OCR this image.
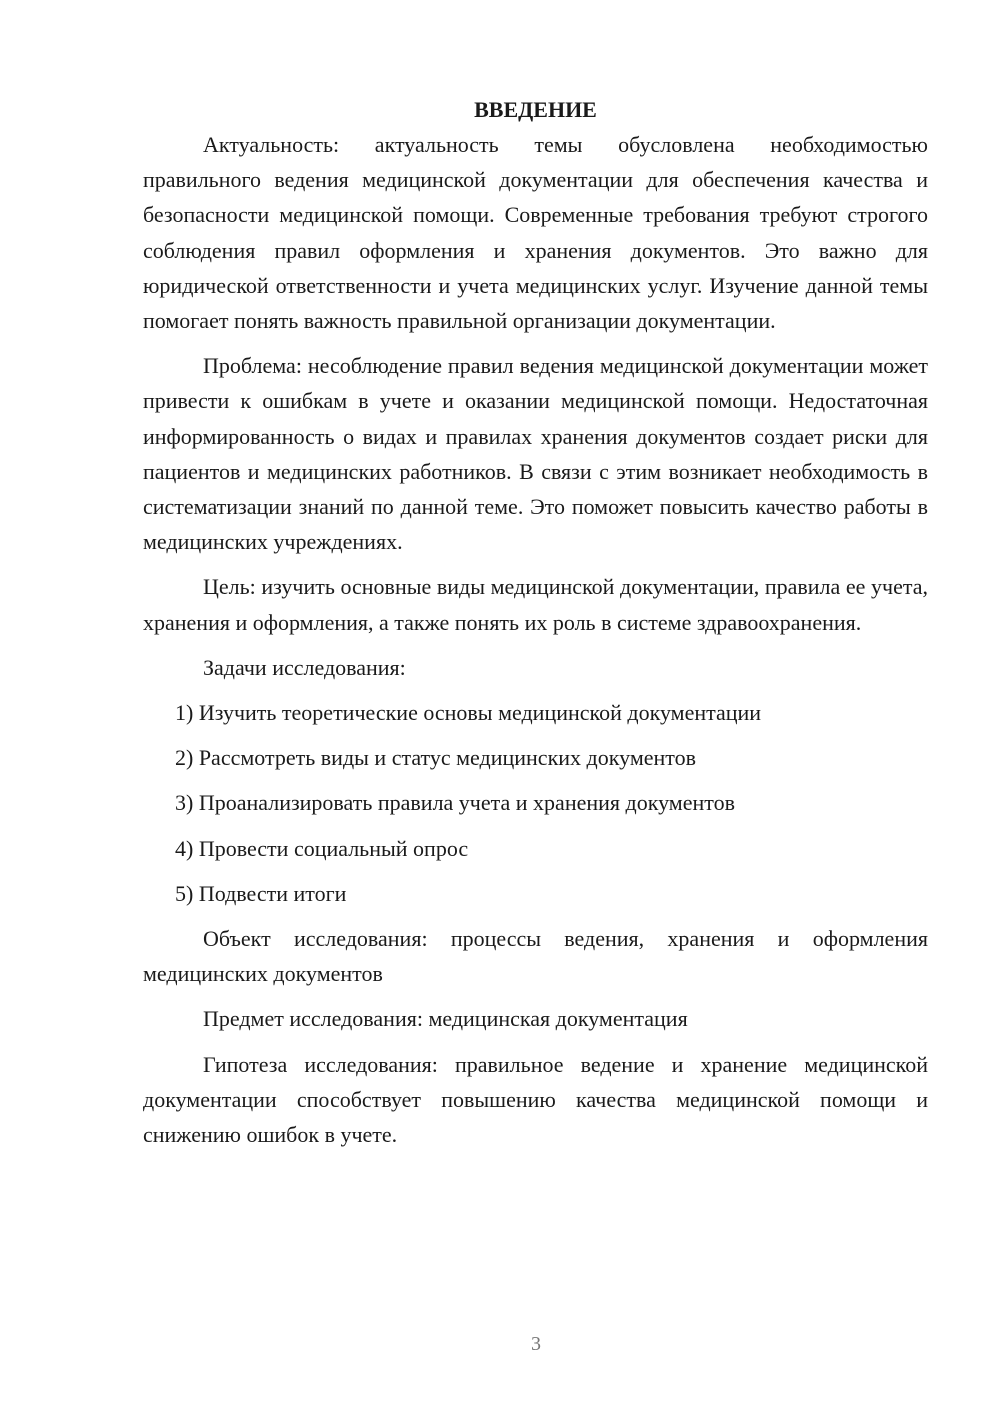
ВВЕДЕНИЕ

Актуальность: актуальность темы обусловлена необходимостью правильного ведения медицинской документации для обеспечения качества и безопасности медицинской помощи. Современные требования требуют строгого соблюдения правил оформления и хранения документов. Это важно для юридической ответственности и учета медицинских услуг. Изучение данной темы помогает понять важность правильной организации документации.

Проблема: несоблюдение правил ведения медицинской документации может привести к ошибкам в учете и оказании медицинской помощи. Недостаточная информированность о видах и правилах хранения документов создает риски для пациентов и медицинских работников. В связи с этим возникает необходимость в систематизации знаний по данной теме. Это поможет повысить качество работы в медицинских учреждениях.

Цель: изучить основные виды медицинской документации, правила ее учета, хранения и оформления, а также понять их роль в системе здравоохранения.

Задачи исследования:

1) Изучить теоретические основы медицинской документации
2) Рассмотреть виды и статус медицинских документов
3) Проанализировать правила учета и хранения документов
4) Провести социальный опрос
5) Подвести итоги

Объект исследования: процессы ведения, хранения и оформления медицинских документов

Предмет исследования: медицинская документация

Гипотеза исследования: правильное ведение и хранение медицинской документации способствует повышению качества медицинской помощи и снижению ошибок в учете.

3
